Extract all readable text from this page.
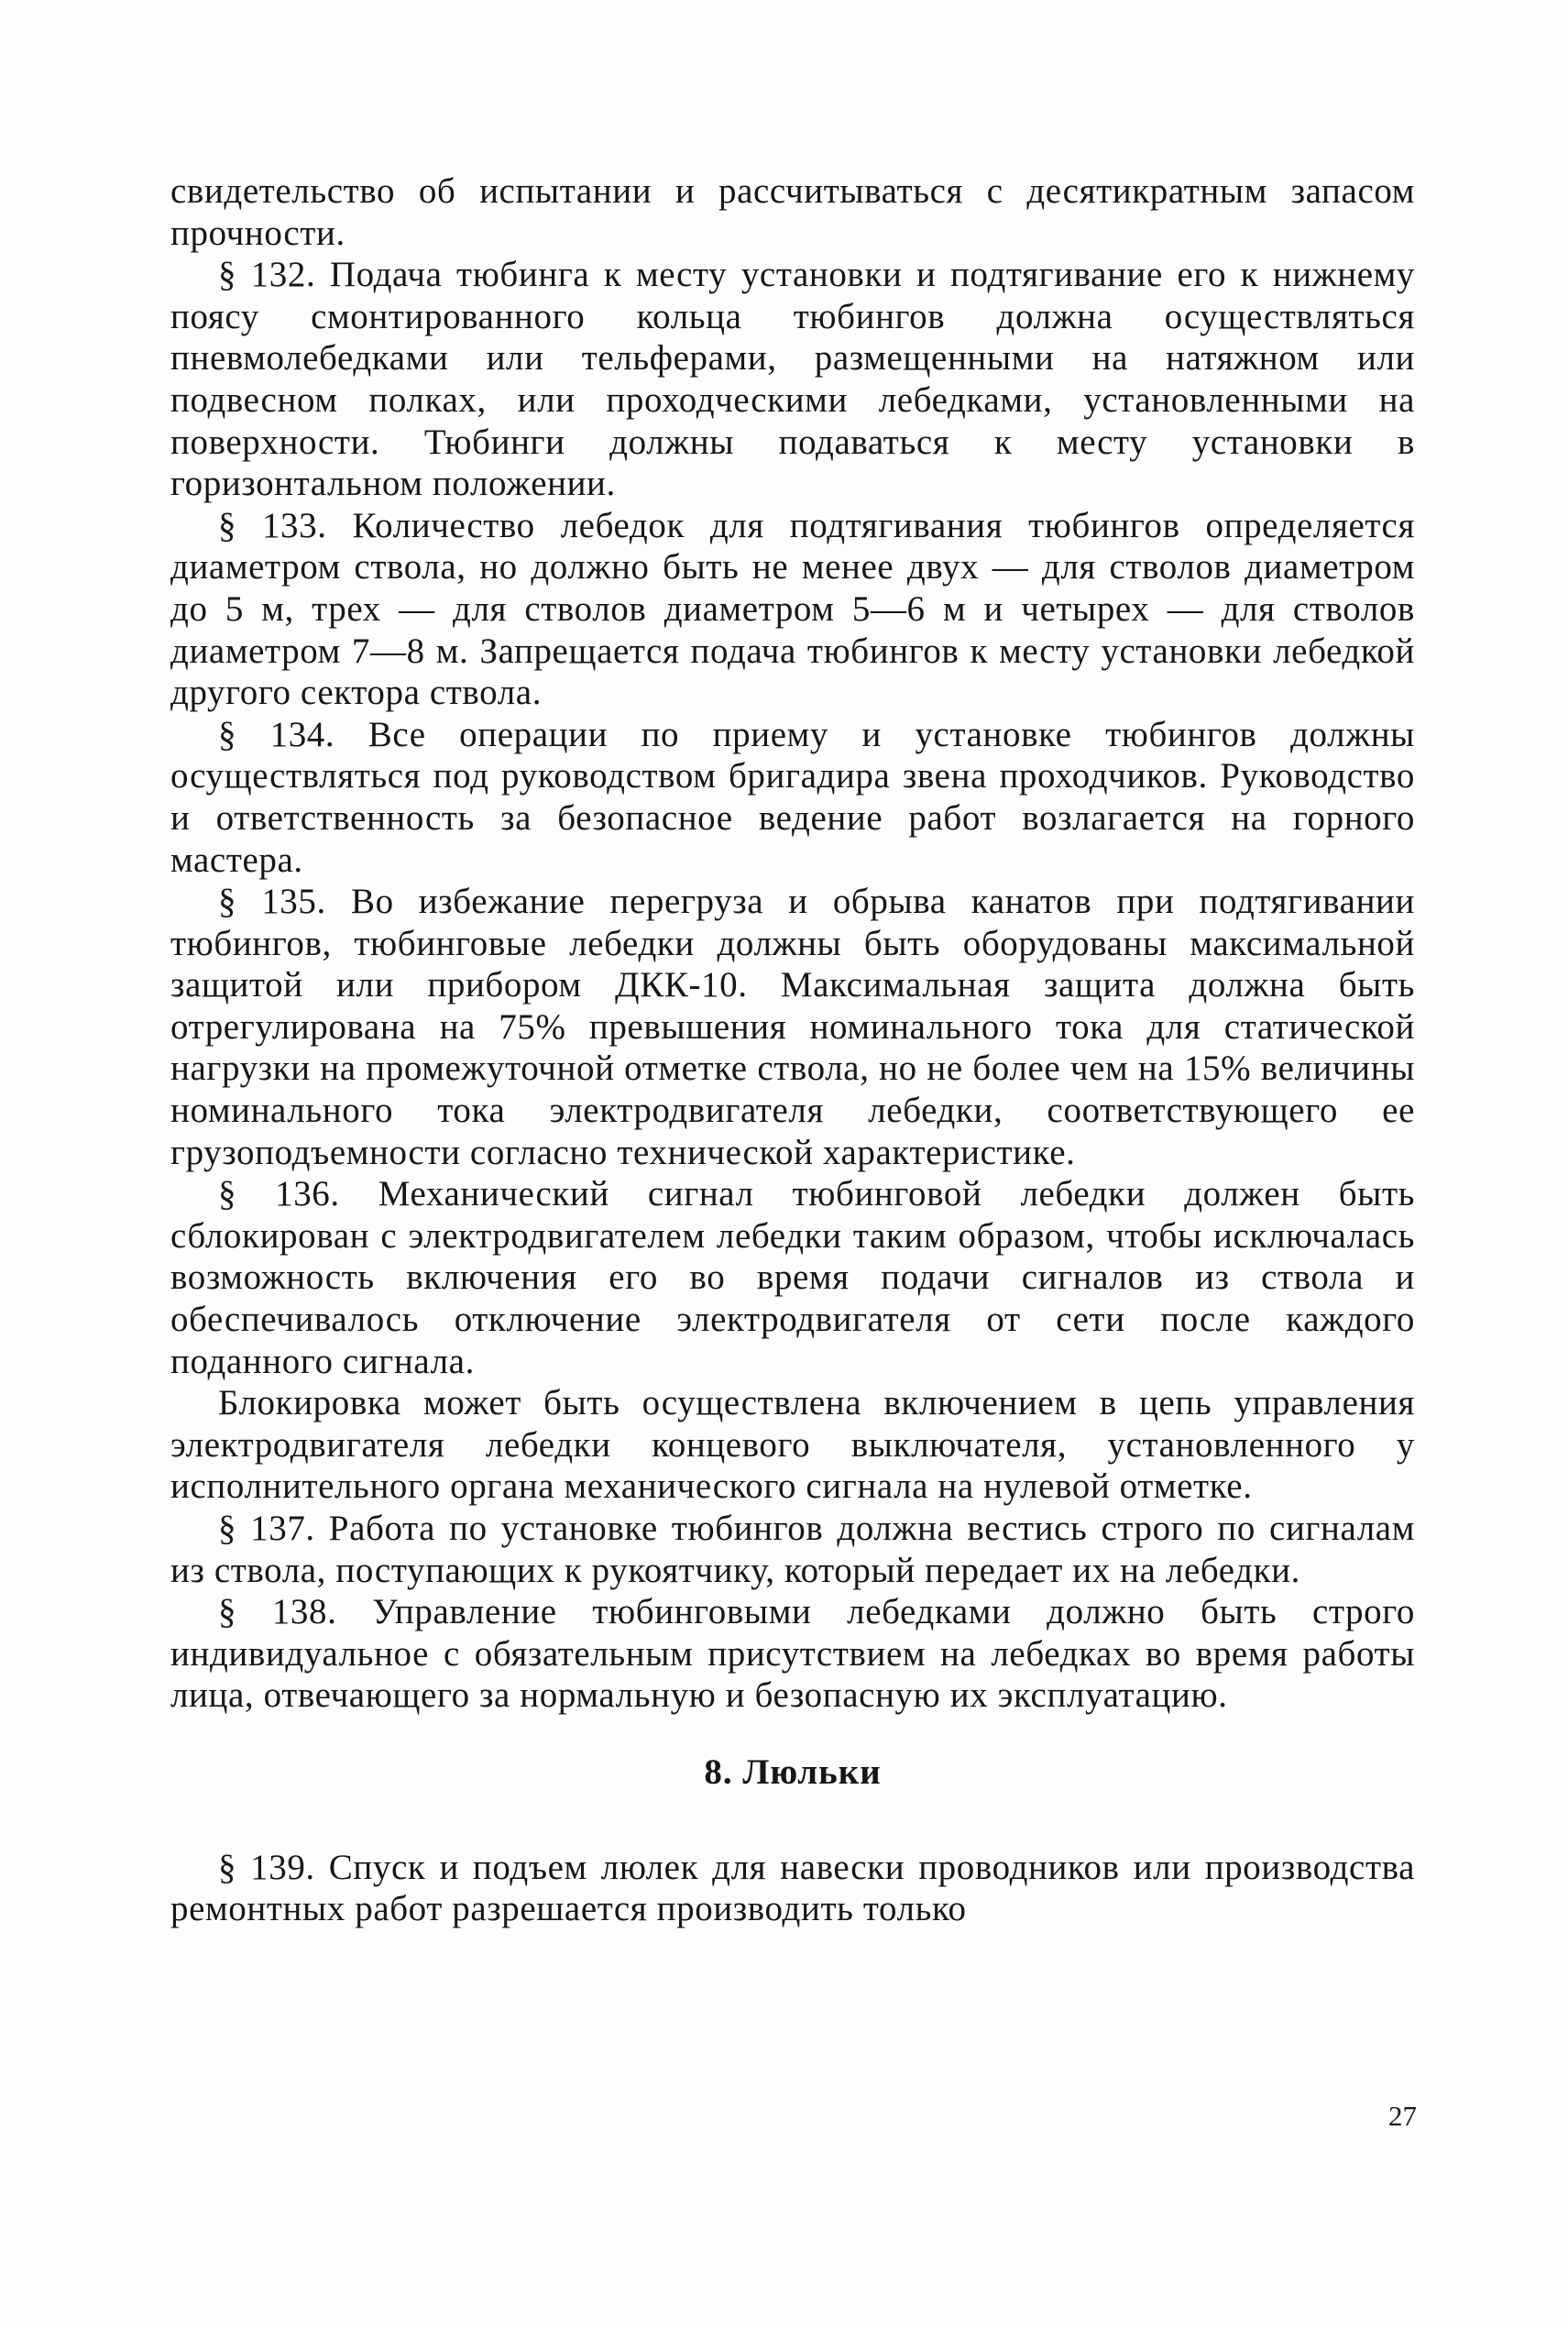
свидетельство об испытании и рассчитываться с десятикратным запасом прочности.

§ 132. Подача тюбинга к месту установки и подтягивание его к нижнему поясу смонтированного кольца тюбингов должна осуществляться пневмолебедками или тельферами, размещенными на натяжном или подвесном полках, или проходческими лебедками, установленными на поверхности. Тюбинги должны подаваться к месту установки в горизонтальном положении.

§ 133. Количество лебедок для подтягивания тюбингов определяется диаметром ствола, но должно быть не менее двух — для стволов диаметром до 5 м, трех — для стволов диаметром 5—6 м и четырех — для стволов диаметром 7—8 м. Запрещается подача тюбингов к месту установки лебедкой другого сектора ствола.

§ 134. Все операции по приему и установке тюбингов должны осуществляться под руководством бригадира звена проходчиков. Руководство и ответственность за безопасное ведение работ возлагается на горного мастера.

§ 135. Во избежание перегруза и обрыва канатов при подтягивании тюбингов, тюбинговые лебедки должны быть оборудованы максимальной защитой или прибором ДКК-10. Максимальная защита должна быть отрегулирована на 75% превышения номинального тока для статической нагрузки на промежуточной отметке ствола, но не более чем на 15% величины номинального тока электродвигателя лебедки, соответствующего ее грузоподъемности согласно технической характеристике.

§ 136. Механический сигнал тюбинговой лебедки должен быть сблокирован с электродвигателем лебедки таким образом, чтобы исключалась возможность включения его во время подачи сигналов из ствола и обеспечивалось отключение электродвигателя от сети после каждого поданного сигнала.

Блокировка может быть осуществлена включением в цепь управления электродвигателя лебедки концевого выключателя, установленного у исполнительного органа механического сигнала на нулевой отметке.

§ 137. Работа по установке тюбингов должна вестись строго по сигналам из ствола, поступающих к рукоятчику, который передает их на лебедки.

§ 138. Управление тюбинговыми лебедками должно быть строго индивидуальное с обязательным присутствием на лебедках во время работы лица, отвечающего за нормальную и безопасную их эксплуатацию.

8. Люльки

§ 139. Спуск и подъем люлек для навески проводников или производства ремонтных работ разрешается производить только

27
